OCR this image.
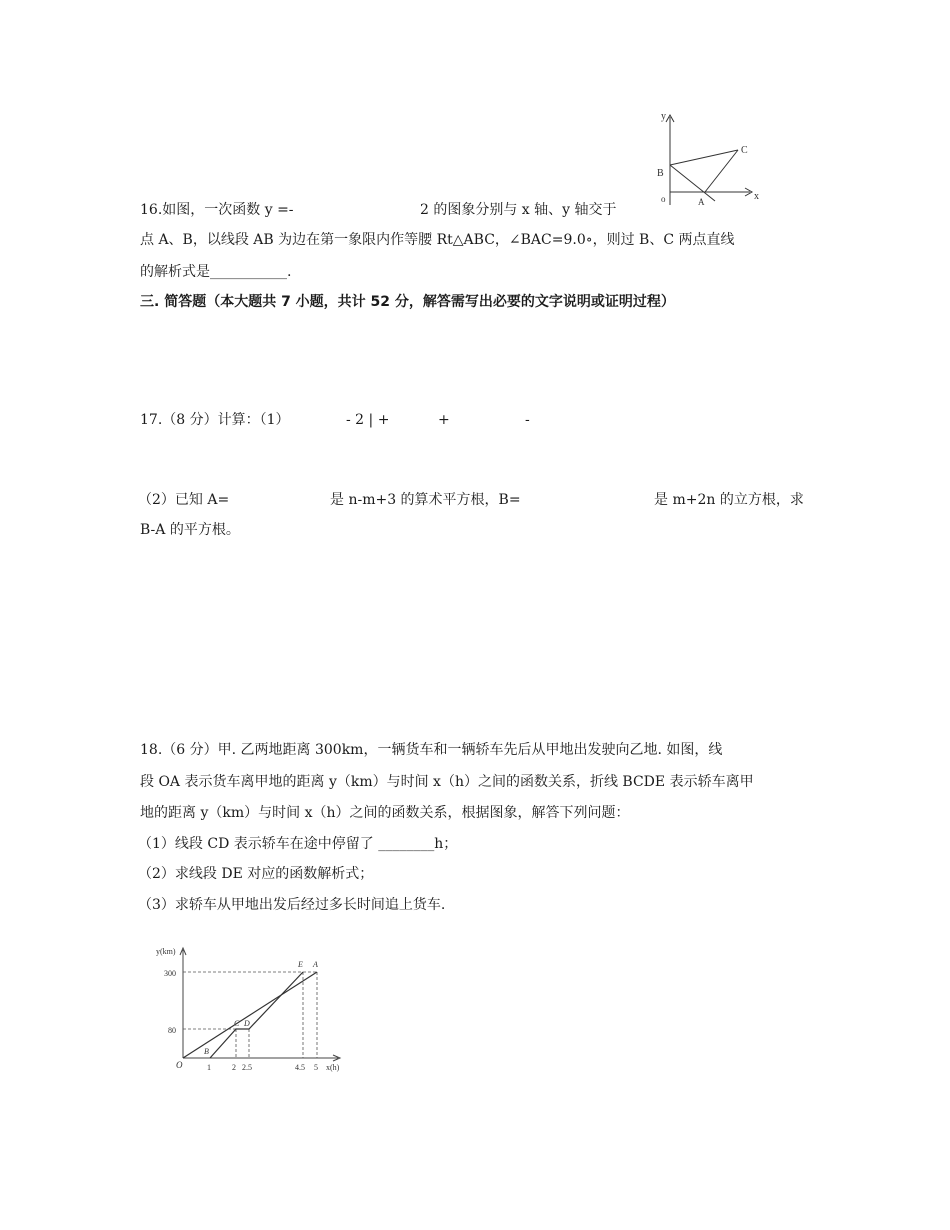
16.如图，一次函数 y =-	2 的图象分别与 x 轴、y 轴交于
点 A、B，以线段 AB 为边在第一象限内作等腰 Rt△ABC，∠BAC=9.0∘，则过 B、C 两点直线
的解析式是___________.
y
x
o	A
B
C
三. 简答题（本大题共 7 小题，共计 52 分，解答需写出必要的文字说明或证明过程）
17.（8 分）计算：（1）	- 2 | +	+	-
（2）已知 A=	是 n-m+3 的算术平方根，B=	是 m+2n 的立方根，求
B-A 的平方根。
18.（6 分）甲. 乙两地距离 300km，一辆货车和一辆轿车先后从甲地出发驶向乙地. 如图，线
段 OA 表示货车离甲地的距离 y（km）与时间 x（h）之间的函数关系，折线 BCDE 表示轿车离甲
地的距离 y（km）与时间 x（h）之间的函数关系，根据图象，解答下列问题：
（1）线段 CD 表示轿车在途中停留了 ________h；
（2）求线段 DE 对应的函数解析式；
（3）求轿车从甲地出发后经过多长时间追上货车.
y(km)
300
80
O	1	2 2.5	4.5 5 x(h)
B
C D
E A
